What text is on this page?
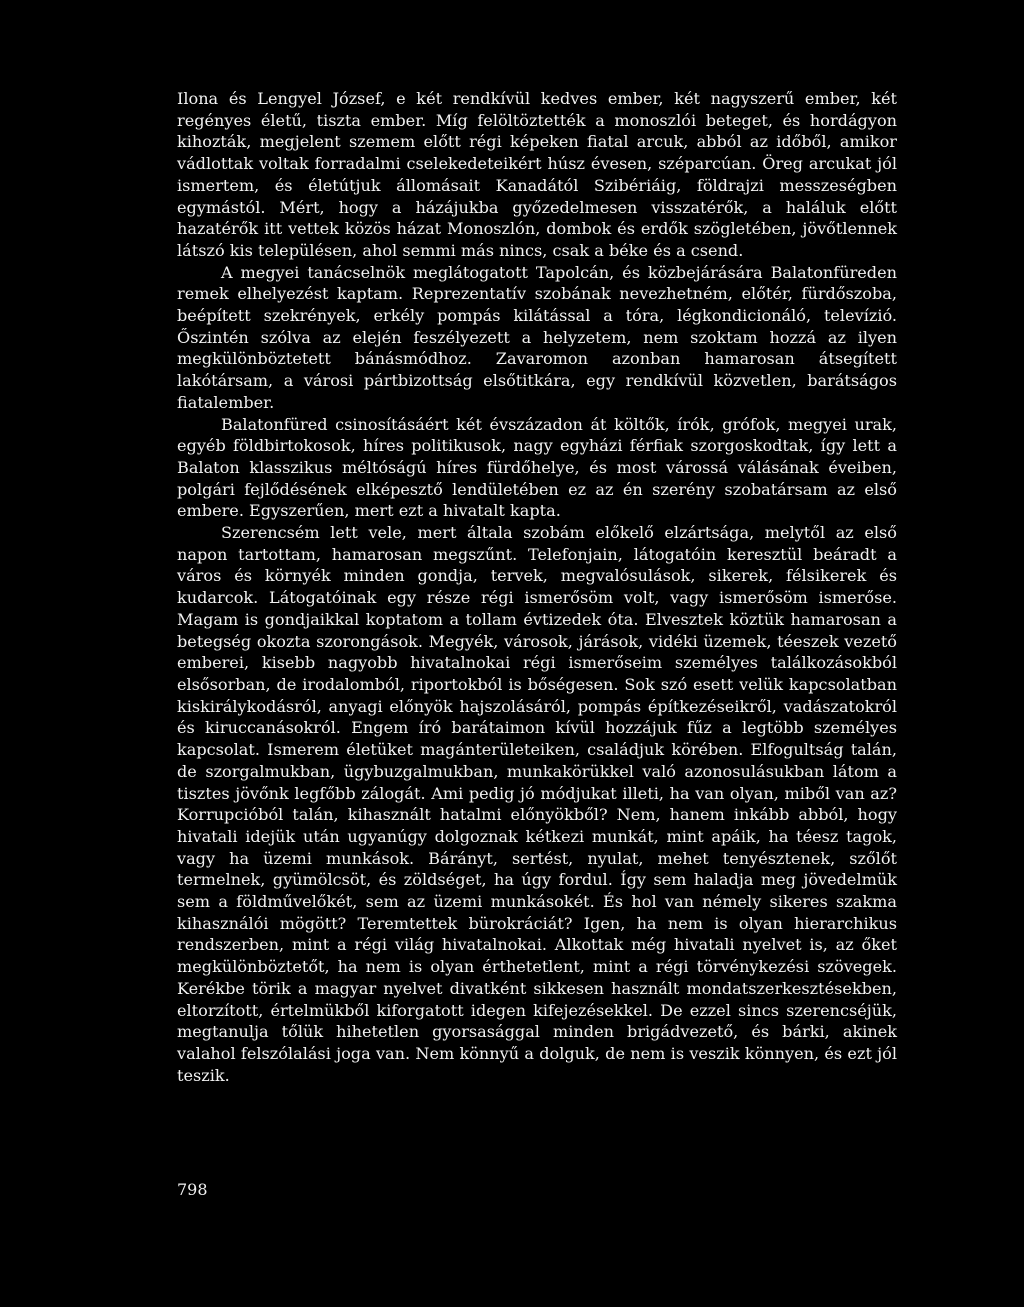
Ilona és Lengyel József, e két rendkívül kedves ember, két nagyszerű ember, két regényes életű, tiszta ember. Míg felöltöztették a monoszlói beteget, és hordágyon kihozták, megjelent szemem előtt régi képeken fiatal arcuk, abból az időből, amikor vádlottak voltak forradalmi cselekedeteikért húsz évesen, széparcúan. Öreg arcukat jól ismertem, és életútjuk állomásait Kanadától Szibériáig, földrajzi messzeségben egymástól. Mért, hogy a házájukba győzedelmesen visszatérők, a haláluk előtt hazatérők itt vettek közös házat Monoszlón, dombok és erdők szögletében, jövőtlennek látszó kis településen, ahol semmi más nincs, csak a béke és a csend.

A megyei tanácselnök meglátogatott Tapolcán, és közbejárására Balatonfüreden remek elhelyezést kaptam. Reprezentatív szobának nevezhetném, előtér, fürdőszoba, beépített szekrények, erkély pompás kilátással a tóra, légkondicionáló, televízió. Őszintén szólva az elején feszélyezett a helyzetem, nem szoktam hozzá az ilyen megkülönböztetett bánásmódhoz. Zavaromon azonban hamarosan átsegített lakótársam, a városi pártbizottság elsőtitkára, egy rendkívül közvetlen, barátságos fiatalember.

Balatonfüred csinosításáért két évszázadon át költők, írók, grófok, megyei urak, egyéb földbirtokosok, híres politikusok, nagy egyházi férfiak szorgoskodtak, így lett a Balaton klasszikus méltóságú híres fürdőhelye, és most várossá válásának éveiben, polgári fejlődésének elképesztő lendületében ez az én szerény szobatársam az első embere. Egyszerűen, mert ezt a hivatalt kapta.

Szerencsém lett vele, mert általa szobám előkelő elzártsága, melytől az első napon tartottam, hamarosan megszűnt. Telefonjain, látogatóin keresztül beáradt a város és környék minden gondja, tervek, megvalósulások, sikerek, félsikerek és kudarcok. Látogatóinak egy része régi ismerősöm volt, vagy ismerősöm ismerőse. Magam is gondjaikkal koptatom a tollam évtizedek óta. Elvesztek köztük hamarosan a betegség okozta szorongások. Megyék, városok, járások, vidéki üzemek, téeszek vezető emberei, kisebb nagyobb hivatalnokai régi ismerőseim személyes találkozásokból elsősorban, de irodalomból, riportokból is bőségesen. Sok szó esett velük kapcsolatban kiskirálykodásról, anyagi előnyök hajszolásáról, pompás építkezéseikről, vadászatokról és kiruccanásokról. Engem író barátaimon kívül hozzájuk fűz a legtöbb személyes kapcsolat. Ismerem életüket magánterületeiken, családjuk körében. Elfogultság talán, de szorgalmukban, ügybuzgalmukban, munkakörükkel való azonosulásukban látom a tisztes jövőnk legfőbb zálogát. Ami pedig jó módjukat illeti, ha van olyan, miből van az? Korrupcióból talán, kihasznált hatalmi előnyökből? Nem, hanem inkább abból, hogy hivatali idejük után ugyanúgy dolgoznak kétkezi munkát, mint apáik, ha téesz tagok, vagy ha üzemi munkások. Bárányt, sertést, nyulat, mehet tenyésztenek, szőlőt termelnek, gyümölcsöt, és zöldséget, ha úgy fordul. Így sem haladja meg jövedelmük sem a földművelőkét, sem az üzemi munkásokét. És hol van némely sikeres szakma kihasználói mögött? Teremtettek bürokráciát? Igen, ha nem is olyan hierarchikus rendszerben, mint a régi világ hivatalnokai. Alkottak még hivatali nyelvet is, az őket megkülönböztetőt, ha nem is olyan érthetetlent, mint a régi törvénykezési szövegek. Kerékbe törik a magyar nyelvet divatként sikkesen használt mondatszerkesztésekben, eltorzított, értelmükből kiforgatott idegen kifejezésekkel. De ezzel sincs szerencséjük, megtanulja tőlük hihetetlen gyorsasággal minden brigádvezető, és bárki, akinek valahol felszólalási joga van. Nem könnyű a dolguk, de nem is veszik könnyen, és ezt jól teszik.

798
